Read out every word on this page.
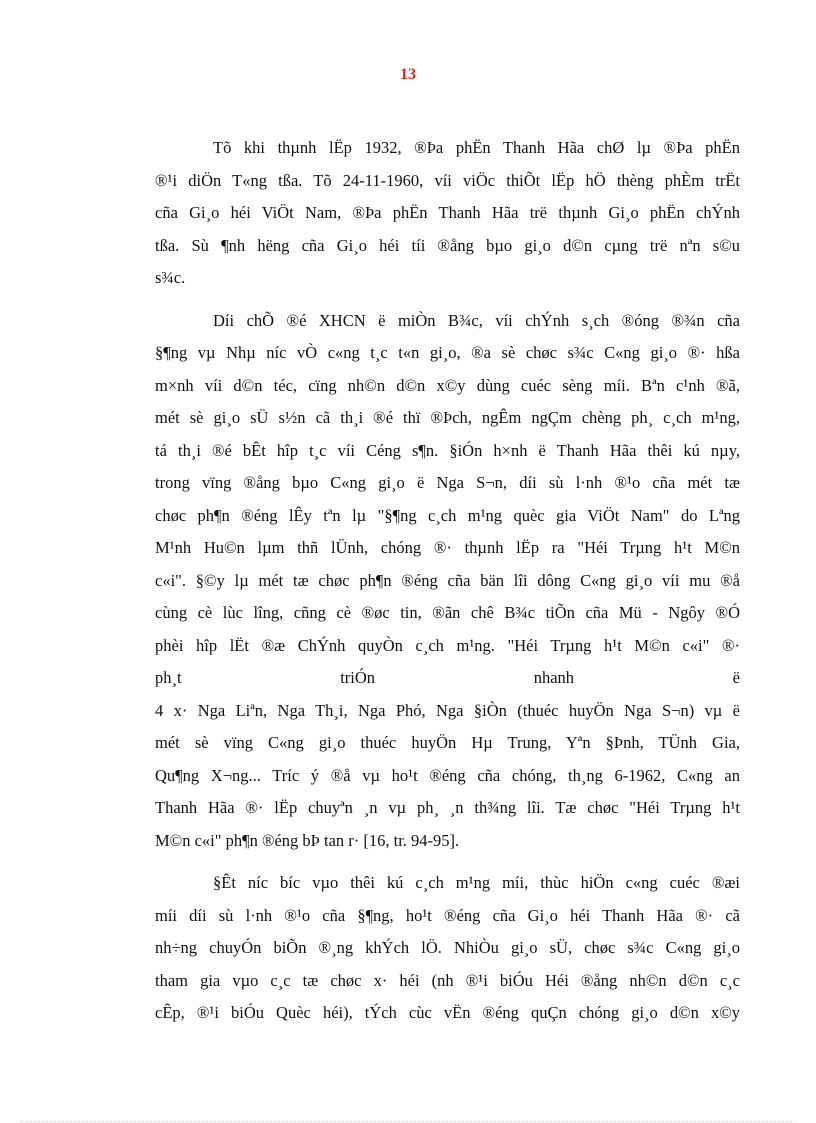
13
Tõ khi thµnh lËp 1932, ®Þa phËn Thanh Hãa chØ lµ ®Þa phËn
®¹i diÖn T«ng tßa. Tõ 24-11-1960, víi viÖc thiÕt lËp hÖ thèng phÈm trËt
cña Gi¸o héi ViÖt Nam, ®Þa phËn Thanh Hãa trë thµnh Gi¸o phËn chÝnh
tßa. Sù ¶nh hëng cña Gi¸o héi tíi ®ång bµo gi¸o d©n cµng trë nªn s©u
s¾c.
Díi chÕ ®é XHCN ë miÒn B¾c, víi chÝnh s¸ch ®óng ®¾n cña
§¶ng vµ Nhµ níc vÒ c«ng t¸c t«n gi¸o, ®a sè chøc s¾c C«ng gi¸o ®· hßa
m×nh víi d©n téc, cïng nh©n d©n x©y dùng cuéc sèng míi. Bªn c¹nh ®ã,
mét sè gi¸o sÜ s½n cã th¸i ®é thï ®Þch, ngÊm ngÇm chèng ph¸ c¸ch m¹ng,
tá th¸i ®é bÊt hîp t¸c víi Céng s¶n. §iÓn h×nh ë Thanh Hãa thêi kú nµy,
trong vïng ®ång bµo C«ng gi¸o ë Nga S¬n, díi sù l·nh ®¹o cña mét tæ
chøc ph¶n ®éng lÊy tªn lµ "§¶ng c¸ch m¹ng quèc gia ViÖt Nam" do Lªng
M¹nh Hu©n lµm thñ lÜnh, chóng ®· thµnh lËp ra "Héi Trµng h¹t M©n
c«i". §©y lµ mét tæ chøc ph¶n ®éng cña bän lîi dông C«ng gi¸o víi mu ®å
cùng cè lùc lîng, cñng cè ®øc tin, ®ãn chê B¾c tiÕn cña Mü - Ngôy ®Ó
phèi hîp lËt ®æ ChÝnh quyÒn c¸ch m¹ng. "Héi Trµng h¹t M©n c«i" ®·
ph¸t triÓn nhanh ë
4 x· Nga Liªn, Nga Th¸i, Nga Phó, Nga §iÒn (thuéc huyÖn Nga S¬n) vµ ë
mét sè vïng C«ng gi¸o thuéc huyÖn Hµ Trung, Yªn §Þnh, TÜnh Gia,
Qu¶ng X¬ng... Tríc ý ®å vµ ho¹t ®éng cña chóng, th¸ng 6-1962, C«ng an
Thanh Hãa ®· lËp chuyªn ¸n vµ ph¸ ¸n th¾ng lîi. Tæ chøc "Héi Trµng h¹t
M©n c«i" ph¶n ®éng bÞ tan r· [16, tr. 94-95].
§Êt níc bíc vµo thêi kú c¸ch m¹ng míi, thùc hiÖn c«ng cuéc ®æi
míi díi sù l·nh ®¹o cña §¶ng, ho¹t ®éng cña Gi¸o héi Thanh Hãa ®· cã
nh÷ng chuyÓn biÕn ®¸ng khÝch lÖ. NhiÒu gi¸o sÜ, chøc s¾c C«ng gi¸o
tham gia vµo c¸c tæ chøc x· héi (nh ®¹i biÓu Héi ®ång nh©n d©n c¸c
cÊp, ®¹i biÓu Quèc héi), tÝch cùc vËn ®éng quÇn chóng gi¸o d©n x©y
